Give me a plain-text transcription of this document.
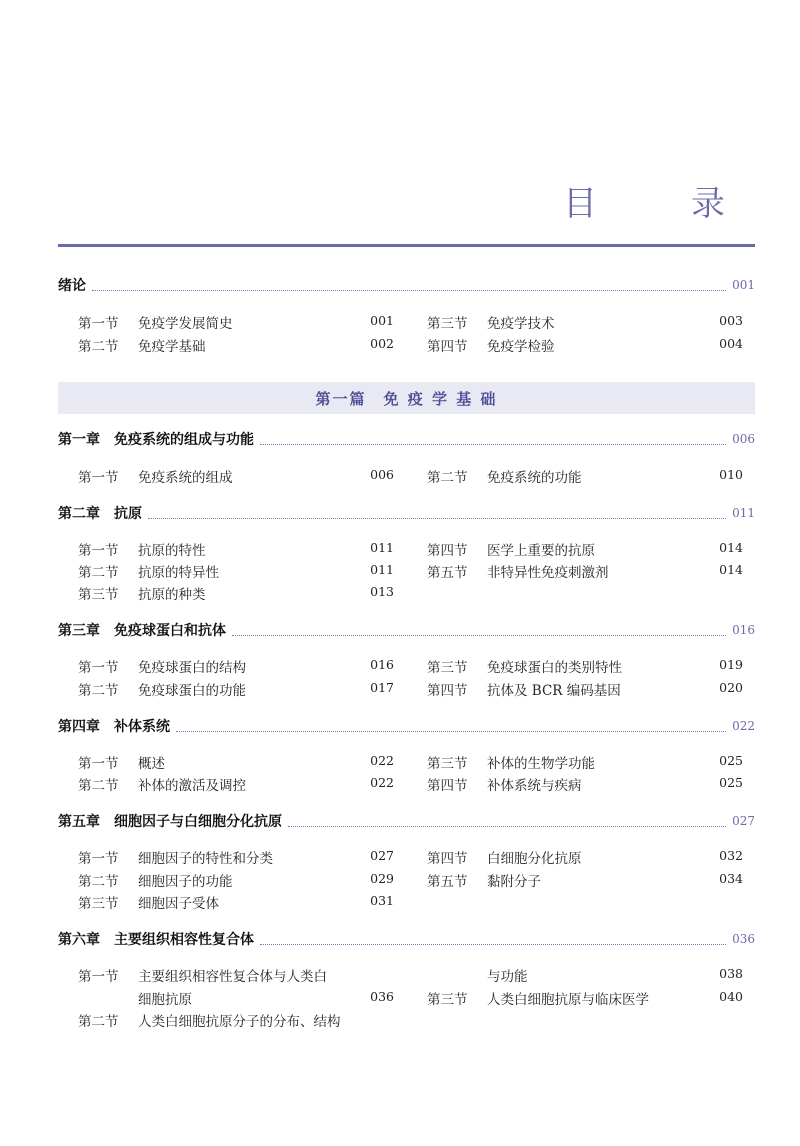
目　录
绪论	001
第一节 免疫学发展简史	001
第二节 免疫学基础	002
第三节 免疫学技术	003
第四节 免疫学检验	004
第一篇　免 疫 学 基 础
第一章　免疫系统的组成与功能	006
第一节 免疫系统的组成	006 第二节 免疫系统的功能	010
第二章　抗原	011
第一节 抗原的特性	011
第二节 抗原的特异性	011
第三节 抗原的种类	013
第四节 医学上重要的抗原	014
第五节 非特异性免疫刺激剂	014
第三章　免疫球蛋白和抗体	016
第一节 免疫球蛋白的结构	016
第二节 免疫球蛋白的功能	017
第三节 免疫球蛋白的类别特性	019
第四节 抗体及 BCR 编码基因	020
第四章　补体系统	022
第一节 概述	022
第二节 补体的激活及调控	022
第三节 补体的生物学功能	025
第四节 补体系统与疾病	025
第五章　细胞因子与白细胞分化抗原	027
第一节 细胞因子的特性和分类	027
第二节 细胞因子的功能	029
第三节 细胞因子受体	031
第四节 白细胞分化抗原	032
第五节 黏附分子	034
第六章　主要组织相容性复合体	036
第一节 主要组织相容性复合体与人类白
细胞抗原	036
第二节 人类白细胞抗原分子的分布、结构
与功能	038
第三节 人类白细胞抗原与临床医学	040
